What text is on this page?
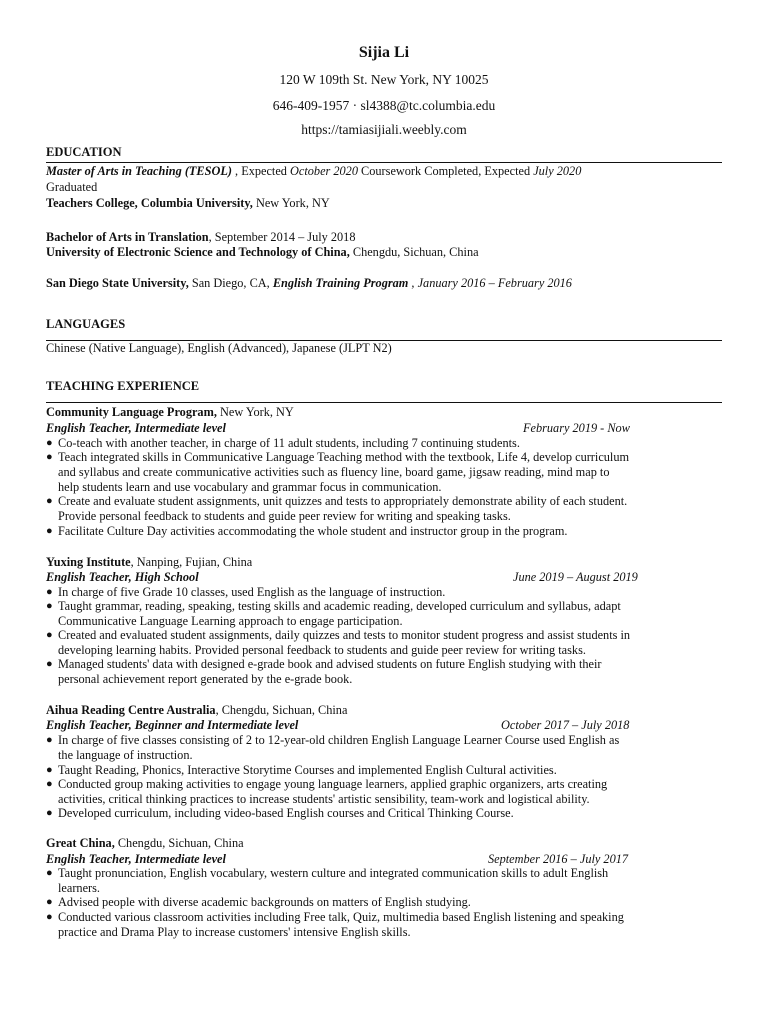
Sijia Li
120 W 109th St. New York, NY 10025
646-409-1957 · sl4388@tc.columbia.edu
https://tamiasijiali.weebly.com
EDUCATION
Master of Arts in Teaching (TESOL) , Expected October 2020 Coursework Completed, Expected July 2020
Graduated
Teachers College, Columbia University, New York, NY
Bachelor of Arts in Translation, September 2014 – July 2018
University of Electronic Science and Technology of China, Chengdu, Sichuan, China
San Diego State University, San Diego, CA, English Training Program , January 2016 – February 2016
LANGUAGES
Chinese (Native Language), English (Advanced), Japanese (JLPT N2)
TEACHING EXPERIENCE
Community Language Program, New York, NY
English Teacher, Intermediate level	February 2019 - Now
● Co-teach with another teacher, in charge of 11 adult students, including 7 continuing students.
● Teach integrated skills in Communicative Language Teaching method with the textbook, Life 4, develop curriculum
and syllabus and create communicative activities such as fluency line, board game, jigsaw reading, mind map to
help students learn and use vocabulary and grammar focus in communication.
● Create and evaluate student assignments, unit quizzes and tests to appropriately demonstrate ability of each student.
Provide personal feedback to students and guide peer review for writing and speaking tasks.
● Facilitate Culture Day activities accommodating the whole student and instructor group in the program.
Yuxing Institute, Nanping, Fujian, China
English Teacher, High School	June 2019 – August 2019
● In charge of five Grade 10 classes, used English as the language of instruction.
● Taught grammar, reading, speaking, testing skills and academic reading, developed curriculum and syllabus, adapt
Communicative Language Learning approach to engage participation.
● Created and evaluated student assignments, daily quizzes and tests to monitor student progress and assist students in
developing learning habits. Provided personal feedback to students and guide peer review for writing tasks.
● Managed students' data with designed e-grade book and advised students on future English studying with their
personal achievement report generated by the e-grade book.
Aihua Reading Centre Australia, Chengdu, Sichuan, China
English Teacher, Beginner and Intermediate level	October 2017 – July 2018
● In charge of five classes consisting of 2 to 12-year-old children English Language Learner Course used English as
the language of instruction.
● Taught Reading, Phonics, Interactive Storytime Courses and implemented English Cultural activities.
● Conducted group making activities to engage young language learners, applied graphic organizers, arts creating
activities, critical thinking practices to increase students' artistic sensibility, team-work and logistical ability.
● Developed curriculum, including video-based English courses and Critical Thinking Course.
Great China, Chengdu, Sichuan, China
English Teacher, Intermediate level	September 2016 – July 2017
● Taught pronunciation, English vocabulary, western culture and integrated communication skills to adult English
learners.
● Advised people with diverse academic backgrounds on matters of English studying.
● Conducted various classroom activities including Free talk, Quiz, multimedia based English listening and speaking
practice and Drama Play to increase customers' intensive English skills.
